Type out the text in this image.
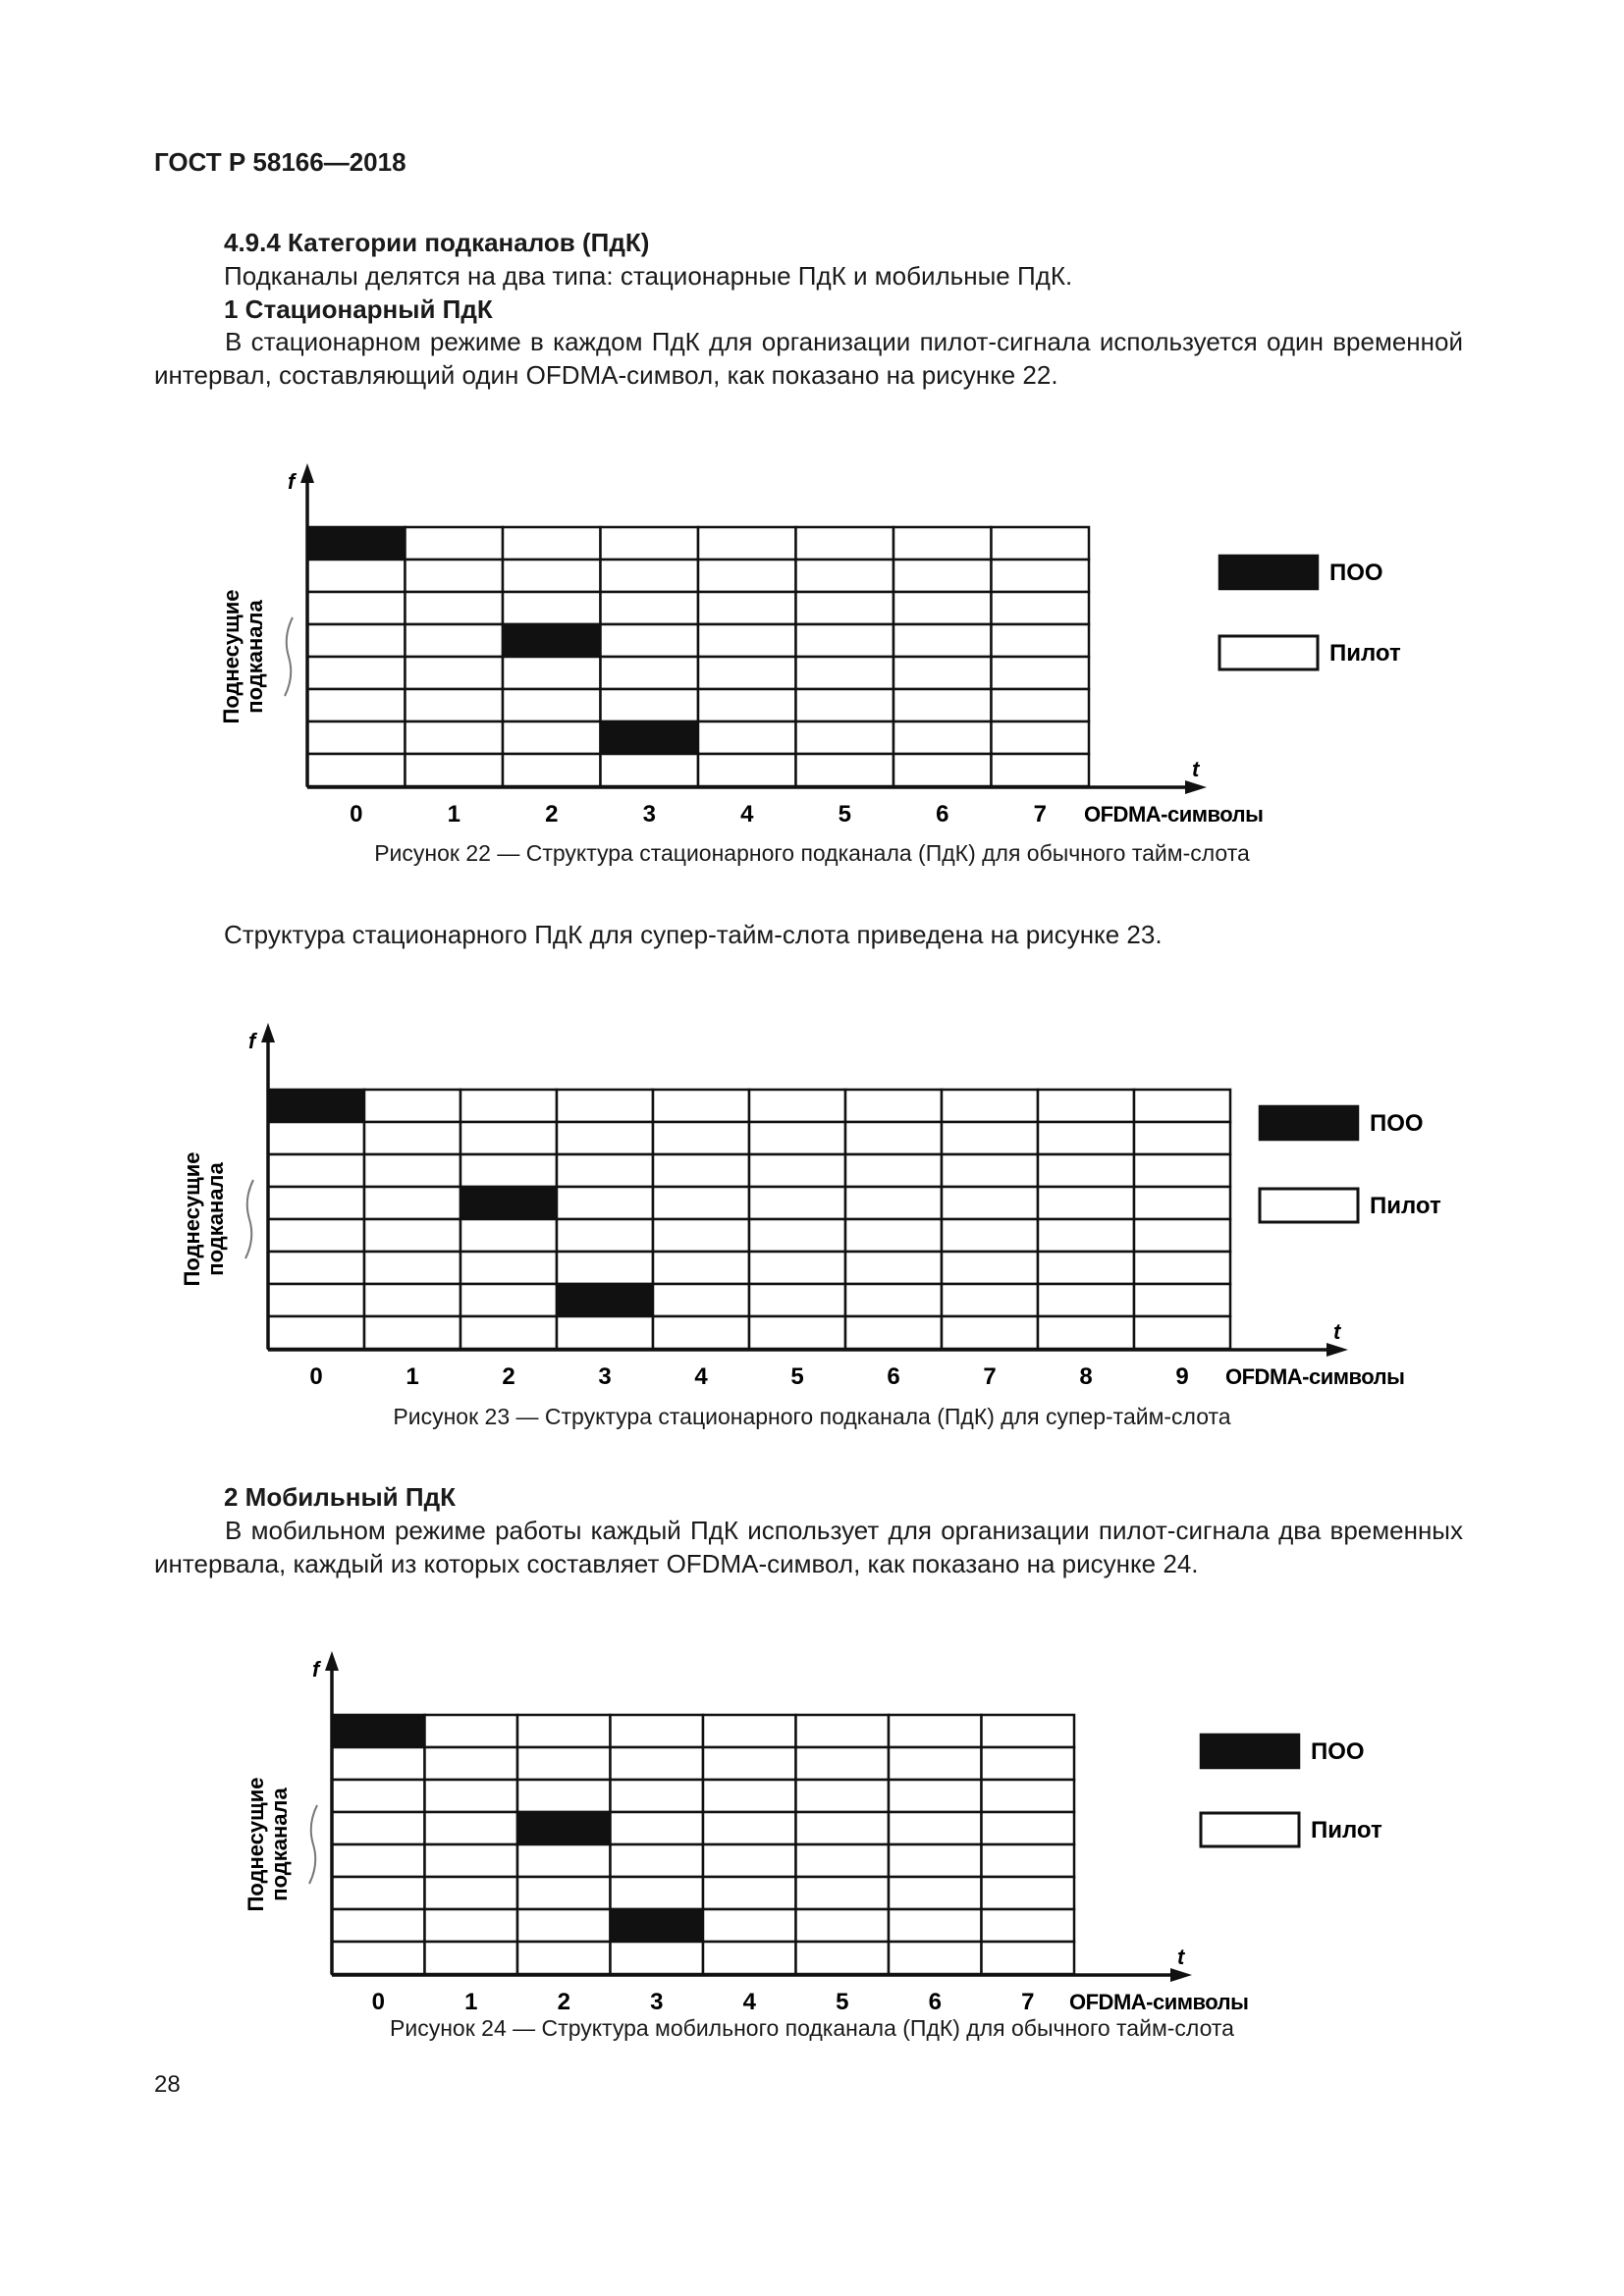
ГОСТ Р 58166—2018
4.9.4 Категории подканалов (ПдК)
Подканалы делятся на два типа: стационарные ПдК и мобильные ПдК.
1 Стационарный ПдК
В стационарном режиме в каждом ПдК для организации пилот-сигнала используется один временной интервал, составляющий один OFDMA-символ, как показано на рисунке 22.
f
t
0	1	2	3	4	5	6	7 OFDMA-символы
Поднесущиеподканала
ПОО
Пилот
Рисунок 22 — Структура стационарного подканала (ПдК) для обычного тайм-слота
Структура стационарного ПдК для супер-тайм-слота приведена на рисунке 23.
f
t
0	1	2	3	4	5	6	7	8	9 OFDMA-символы
Поднесущиеподканала
ПОО
Пилот
Рисунок 23 — Структура стационарного подканала (ПдК) для супер-тайм-слота
2 Мобильный ПдК
В мобильном режиме работы каждый ПдК использует для организации пилот-сигнала два временных интервала, каждый из которых составляет OFDMA-символ, как показано на рисунке 24.
f
t
0	1	2	3	4	5	6	7 OFDMA-символы
Поднесущиеподканала
ПОО
Пилот
Рисунок 24 — Структура мобильного подканала (ПдК) для обычного тайм-слота
28
